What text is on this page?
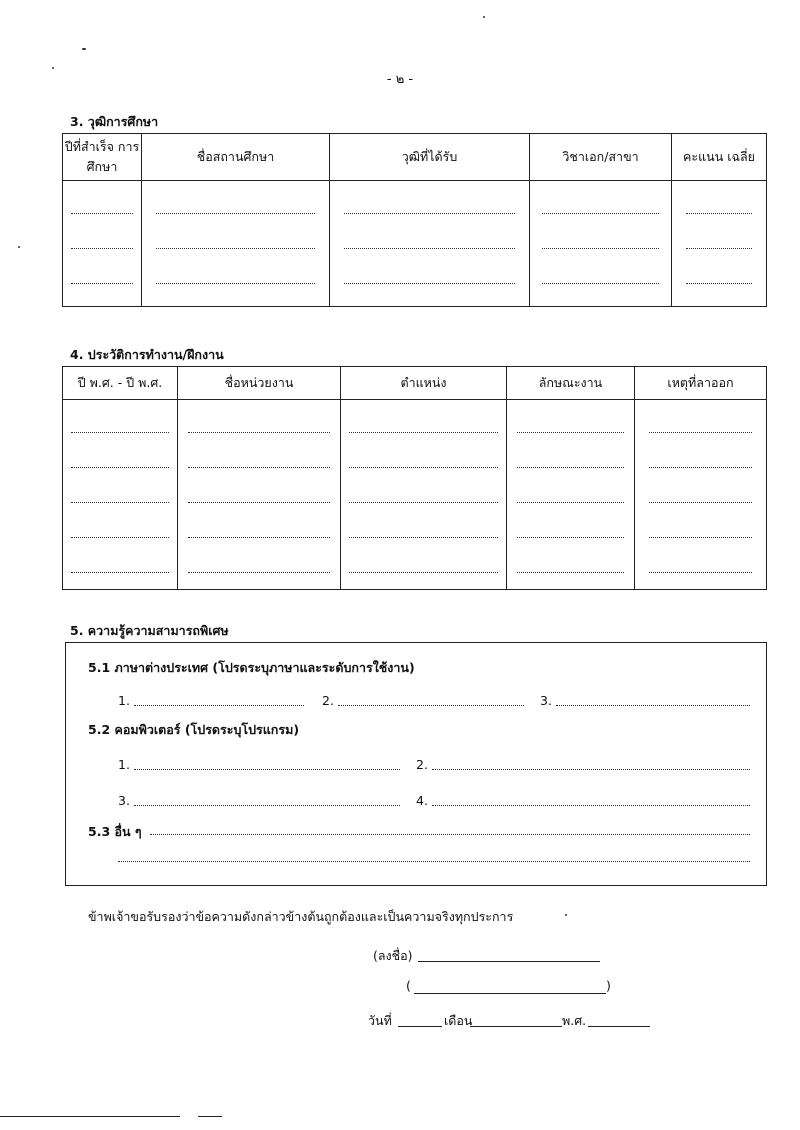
- ๒ -
3. วุฒิการศึกษา
ปีที่สำเร็จ การศึกษา	ชื่อสถานศึกษา	วุฒิที่ได้รับ	วิชาเอก/สาขา	คะแนน เฉลี่ย

4. ประวัติการทำงาน/ฝึกงาน
ปี พ.ศ. - ปี พ.ศ.	ชื่อหน่วยงาน	ตำแหน่ง	ลักษณะงาน	เหตุที่ลาออก

5. ความรู้ความสามารถพิเศษ
5.1 ภาษาต่างประเทศ (โปรดระบุภาษาและระดับการใช้งาน)
1.	2.	3.
5.2 คอมพิวเตอร์ (โปรดระบุโปรแกรม)
1.	2.
3.	4.
5.3 อื่น ๆ
ข้าพเจ้าขอรับรองว่าข้อความดังกล่าวข้างต้นถูกต้องและเป็นความจริงทุกประการ
(ลงชื่อ)
(	)
วันที่	เดือน	พ.ศ.
